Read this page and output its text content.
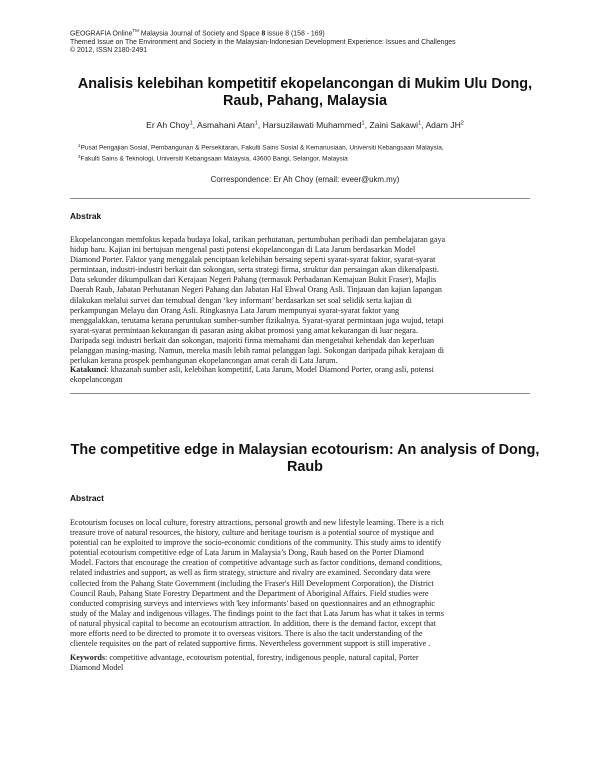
GEOGRAFIA Online™ Malaysia Journal of Society and Space 8 issue 8 (158 - 169)
Themed Issue on The Environment and Society in the Malaysian-Indonesian Development Experience: Issues and Challenges
© 2012, ISSN 2180-2491
Analisis kelebihan kompetitif ekopelancongan di Mukim Ulu Dong,
Raub, Pahang, Malaysia
Er Ah Choy$^1$, Asmahani Atan$^1$, Harsuzilawati Muhammed$^1$, Zaini Sakawi$^1$, Adam $JH^2$
$^1$Pusat Pengajian Sosial, Pembangunan & Persekitaran, Fakulti Sains Sosial & Kemanusiaan, Universiti Kebangsaan Malaysia,
$^2$Fakulti Sains & Teknologi, Universiti Kebangsaan Malaysia, 43600 Bangi, Selangor, Malaysia
Correspondence: Er Ah Choy (email: eveer@ukm.my)
Abstrak
Ekopelancongan memfokus kepada budaya lokal, tarikan perhutanan, pertumbuhan peribadi dan pembelajaran gaya
hidup baru. Kajian ini bertujuan mengenal pasti potensi ekopelancongan di Lata Jarum berdasarkan Model
Diamond Porter. Faktor yang menggalak penciptaan kelebihan bersaing seperti syarat-syarat faktor, syarat-syarat
permintaan, industri-industri berkait dan sokongan, serta strategi firma, struktur dan persaingan akan dikenalpasti.
Data sekunder dikumpulkan dari Kerajaan Negeri Pahang (termasuk Perbadanan Kemajuan Bukit Fraser), Majlis
Daerah Raub, Jabatan Perhutanan Negeri Pahang dan Jabatan Hal Ehwal Orang Asli. Tinjauan dan kajian lapangan
dilakukan melalui survei dan temubual dengan ‘key informant’ berdasarkan set soal selidik serta kajian di
perkampungan Melayu dan Orang Asli. Ringkasnya Lata Jarum mempunyai syarat-syarat faktor yang
menggalakkan, terutama kerana peruntukan sumber-sumber fizikalnya. Syarat-syarat permintaan juga wujud, tetapi
syarat-syarat permintaan kekurangan di pasaran asing akibat promosi yang amat kekurangan di luar negara.
Daripada segi industri berkait dan sokongan, majoriti firma memahami dan mengetahui kehendak dan keperluan
pelanggan masing-masing. Namun, mereka masih lebih ramai pelanggan lagi. Sokongan daripada pihak kerajaan di
perlukan kerana prospek pembangunan ekopelancongan amat cerah di Lata Jarum.
Katakunci: khazanah sumber asli, kelebihan kompetitif, Lata Jarum, Model Diamond Porter, orang asli, potensi
ekopelancongan
The competitive edge in Malaysian ecotourism: An analysis of Dong,
Raub
Abstract
Ecotourism focuses on local culture, forestry attractions, personal growth and new lifestyle learning. There is a rich
treasure trove of natural resources, the history, culture and heritage tourism is a potential source of mystique and
potential can be exploited to improve the socio-economic conditions of the community. This study aims to identify
potential ecotourism competitive edge of Lata Jarum in Malaysia’s Dong, Raub based on the Porter Diamond
Model. Factors that encourage the creation of competitive advantage such as factor conditions, demand conditions,
related industries and support, as well as firm strategy, structure and rivalry are examined. Secondary data were
collected from the Pahang State Government (including the Fraser's Hill Development Corporation), the District
Council Raub, Pahang State Forestry Department and the Department of Aboriginal Affairs. Field studies were
conducted comprising surveys and interviews with 'key informants' based on questionnaires and an ethnographic
study of the Malay and indigenous villages. The findings point to the fact that Lata Jarum has what it takes in terms
of natural physical capital to become an ecotourism attraction. In addition, there is the demand factor, except that
more efforts need to be directed to promote it to overseas visitors. There is also the tacit understanding of the
clientele requisites on the part of related supportive firms. Nevertheless government support is still imperative .
Keywords: competitive advantage, ecotourism potential, forestry, indigenous people, natural capital, Porter
Diamond Model
